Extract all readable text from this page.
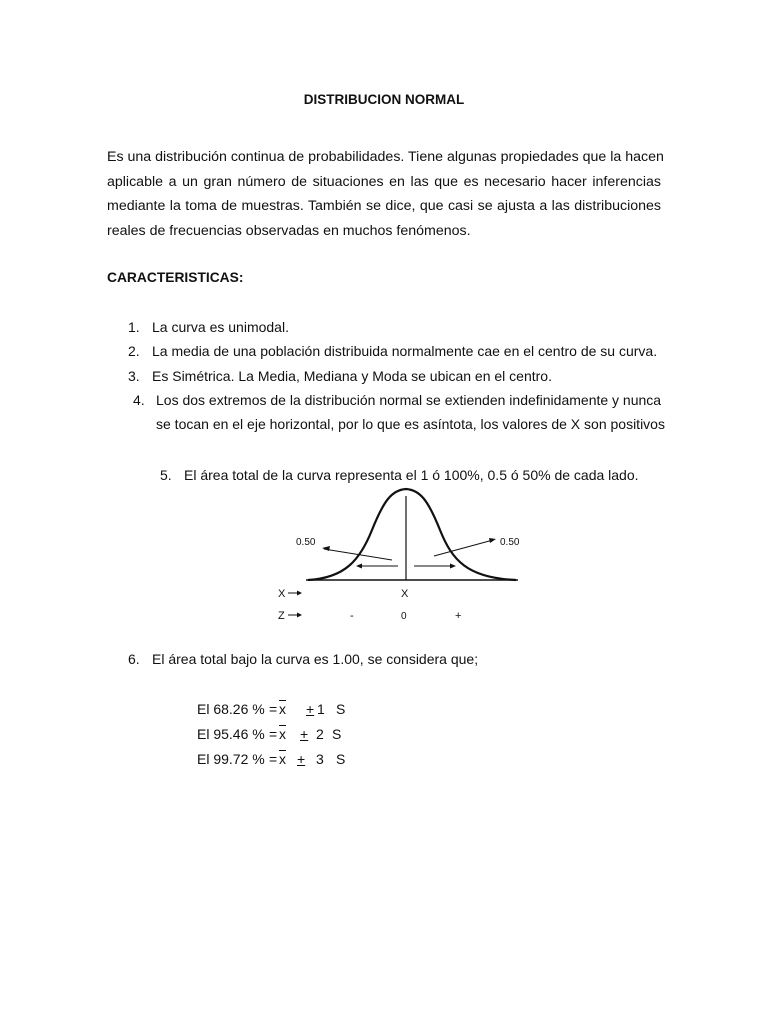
DISTRIBUCION NORMAL
Es una distribución continua de probabilidades. Tiene algunas propiedades que la hacen
aplicable a un gran número de situaciones en las que es necesario hacer inferencias
mediante la toma de muestras. También se dice, que casi se ajusta a las distribuciones
reales de frecuencias observadas en muchos fenómenos.
CARACTERISTICAS:
1. La curva es unimodal.
2. La media de una población distribuida normalmente cae en el centro de su curva.
3. Es Simétrica. La Media, Mediana y Moda se ubican en el centro.
4. Los dos extremos de la distribución normal se extienden indefinidamente y nunca
se tocan en el eje horizontal, por lo que es asíntota, los valores de X son positivos
5. El área total de la curva representa el 1 ó 100%, 0.5 ó 50% de cada lado.
0.50	0.50
X	X
Z	-	0	+
6. El área total bajo la curva es 1.00, se considera que;
El 68.26 % = $\overline{x} + 1$ S
El 95.46 % = $\overline{x} + 2$ S
El 99.72 % = $\overline{x} + 3$ S
